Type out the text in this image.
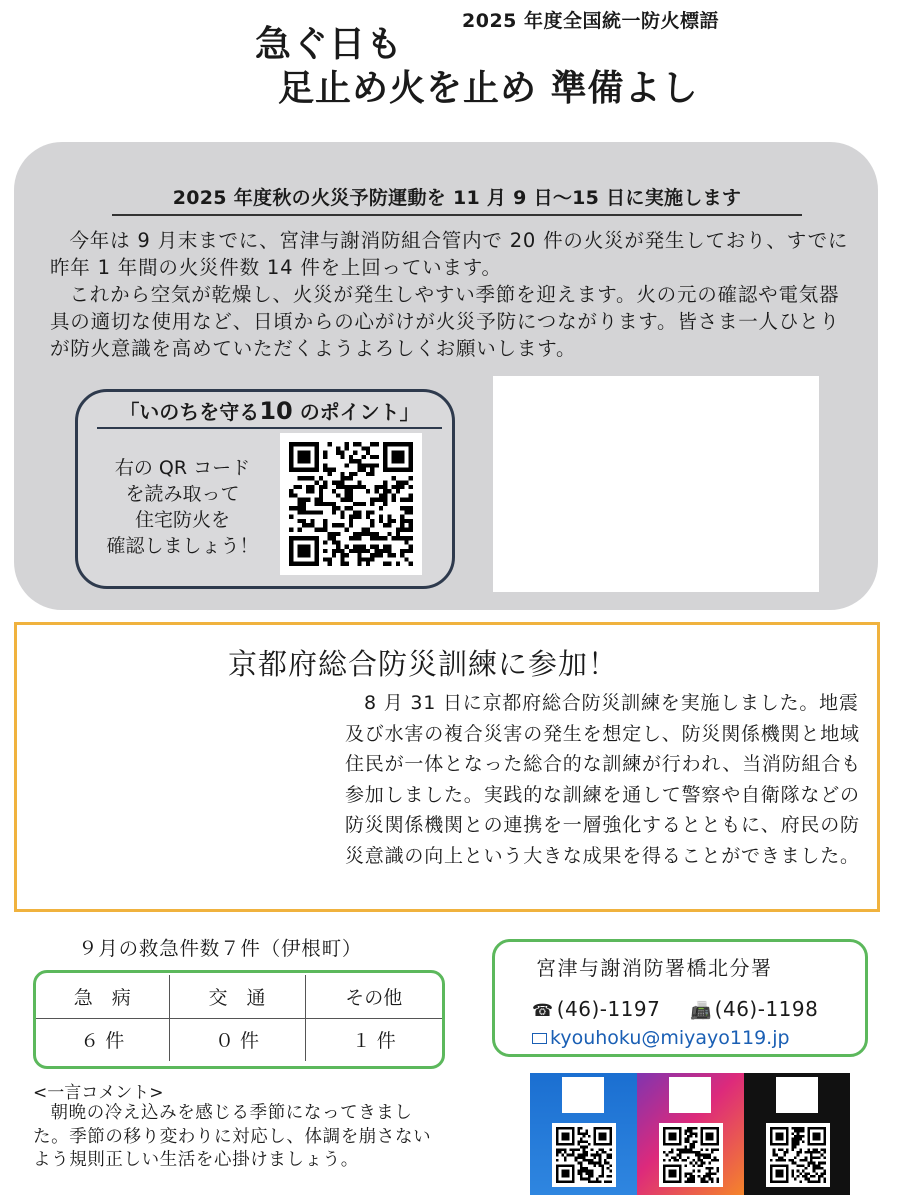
2025 年度全国統一防火標語
急ぐ日も
足止め火を止め 準備よし
2025 年度秋の火災予防運動を 11 月 9 日〜15 日に実施します

今年は 9 月末までに、宮津与謝消防組合管内で 20 件の火災が発生しており、すでに昨年 1 年間の火災件数 14 件を上回っています。

これから空気が乾燥し、火災が発生しやすい季節を迎えます。火の元の確認や電気器具の適切な使用など、日頃からの心がけが火災予防につながります。皆さま一人ひとりが防火意識を高めていただくようよろしくお願いします。

「いのちを守る10 のポイント」
右の QR コード
を読み取って
住宅防火を
確認しましょう！
京都府総合防災訓練に参加！

8 月 31 日に京都府総合防災訓練を実施しました。地震及び水害の複合災害の発生を想定し、防災関係機関と地域住民が一体となった総合的な訓練が行われ、当消防組合も参加しました。実践的な訓練を通して警察や自衛隊などの防災関係機関との連携を一層強化するとともに、府民の防災意識の向上という大きな成果を得ることができました。

９月の救急件数７件（伊根町）
急　病	交　通	その他
６ 件	０ 件	１ 件
<一言コメント>

朝晩の冷え込みを感じる季節になってきました。季節の移り変わりに対応し、体調を崩さないよう規則正しい生活を心掛けましょう。

宮津与謝消防署橋北分署
☎ (46)-1197 📠 (46)-1198
kyouhoku@miyayo119.jp
